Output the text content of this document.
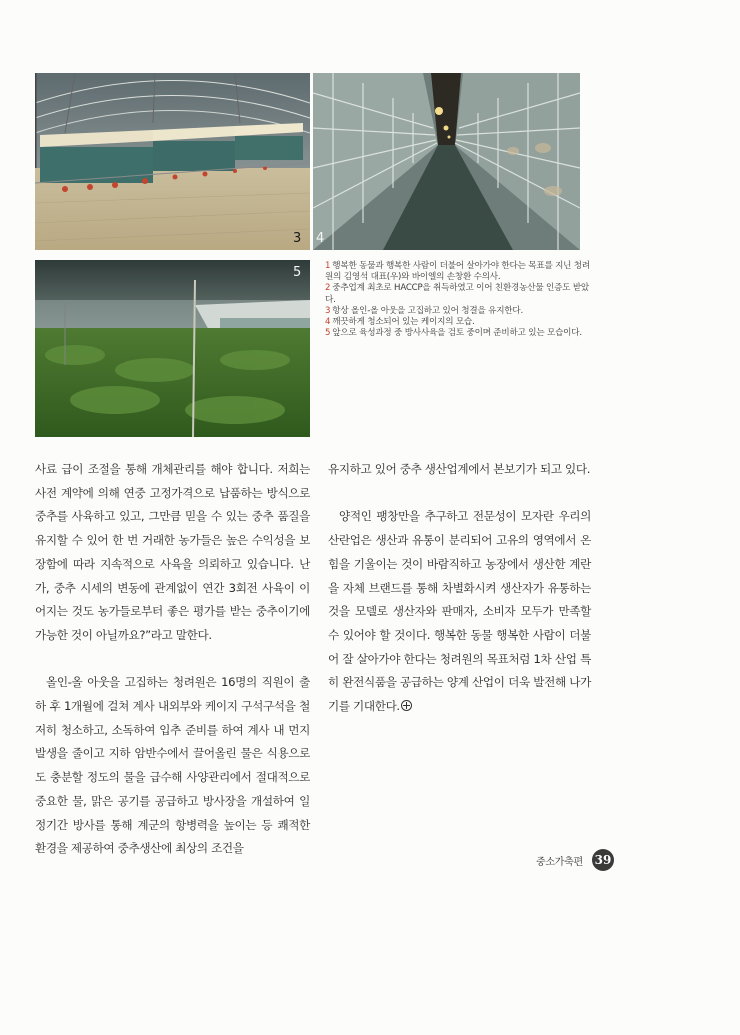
3 4
5	1 행복한 동물과 행복한 사람이 더불어 살아가야 한다는 목표를 지닌 청려원의 김영석 대표(우)와 바이엘의 손창환 수의사.
2 중추업계 최초로 HACCP을 취득하였고 이어 친환경농산물 인증도 받았다.
3 항상 올인-올 아웃을 고집하고 있어 청결을 유지한다.
4 깨끗하게 청소되어 있는 케이지의 모습.
5 앞으로 육성과정 중 방사사육을 검토 중이며 준비하고 있는 모습이다.

사료 급이 조절을 통해 개체관리를 해야 합니다. 저희는 사전 계약에 의해 연중 고정가격으로 납품하는 방식으로 중추를 사육하고 있고, 그만큼 믿을 수 있는 중추 품질을 유지할 수 있어 한 번 거래한 농가들은 높은 수익성을 보장함에 따라 지속적으로 사육을 의뢰하고 있습니다. 난가, 중추 시세의 변동에 관계없이 연간 3회전 사육이 이어지는 것도 농가들로부터 좋은 평가를 받는 중추이기에 가능한 것이 아닐까요?”라고 말한다.

올인-올 아웃을 고집하는 청려원은 16명의 직원이 출하 후 1개월에 걸쳐 계사 내외부와 케이지 구석구석을 철저히 청소하고, 소독하여 입추 준비를 하여 계사 내 먼지 발생을 줄이고 지하 암반수에서 끌어올린 물은 식용으로도 충분할 정도의 물을 급수해 사양관리에서 절대적으로 중요한 물, 맑은 공기를 공급하고 방사장을 개설하여 일정기간 방사를 통해 계군의 항병력을 높이는 등 쾌적한 환경을 제공하여 중추생산에 최상의 조건을

유지하고 있어 중추 생산업계에서 본보기가 되고 있다.

양적인 팽창만을 추구하고 전문성이 모자란 우리의 산란업은 생산과 유통이 분리되어 고유의 영역에서 온힘을 기울이는 것이 바람직하고 농장에서 생산한 계란을 자체 브랜드를 통해 차별화시켜 생산자가 유통하는 것을 모델로 생산자와 판매자, 소비자 모두가 만족할 수 있어야 할 것이다. 행복한 동물 행복한 사람이 더불어 잘 살아가야 한다는 청려원의 목표처럼 1차 산업 특히 완전식품을 공급하는 양계 산업이 더욱 발전해 나가기를 기대한다.

중소가축편 39
